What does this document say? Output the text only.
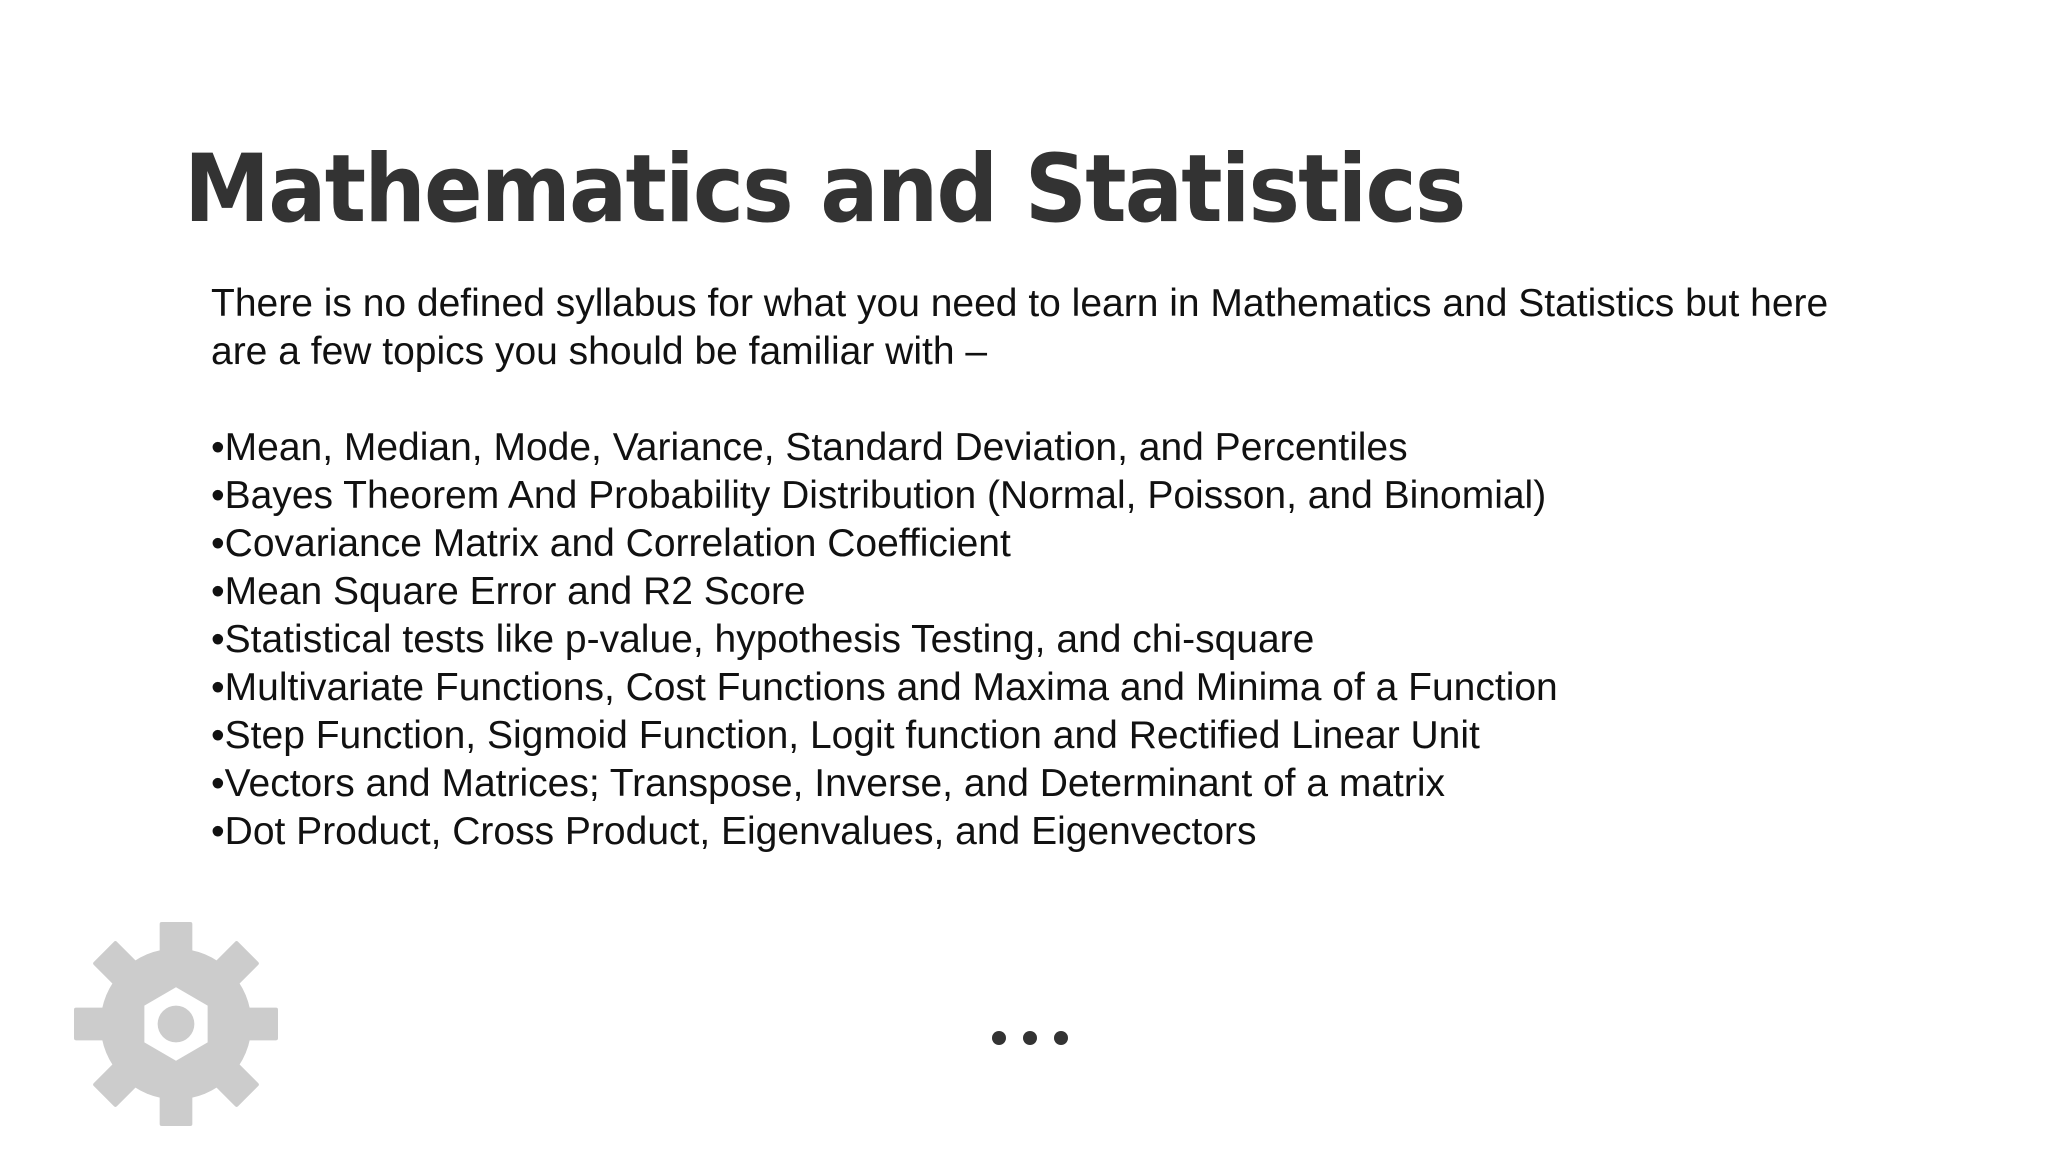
Mathematics and Statistics

There is no defined syllabus for what you need to learn in Mathematics and Statistics but here are a few topics you should be familiar with –

•Mean, Median, Mode, Variance, Standard Deviation, and Percentiles
•Bayes Theorem And Probability Distribution (Normal, Poisson, and Binomial)
•Covariance Matrix and Correlation Coefficient
•Mean Square Error and R2 Score
•Statistical tests like p-value, hypothesis Testing, and chi-square
•Multivariate Functions, Cost Functions and Maxima and Minima of a Function
•Step Function, Sigmoid Function, Logit function and Rectified Linear Unit
•Vectors and Matrices; Transpose, Inverse, and Determinant of a matrix
•Dot Product, Cross Product, Eigenvalues, and Eigenvectors
